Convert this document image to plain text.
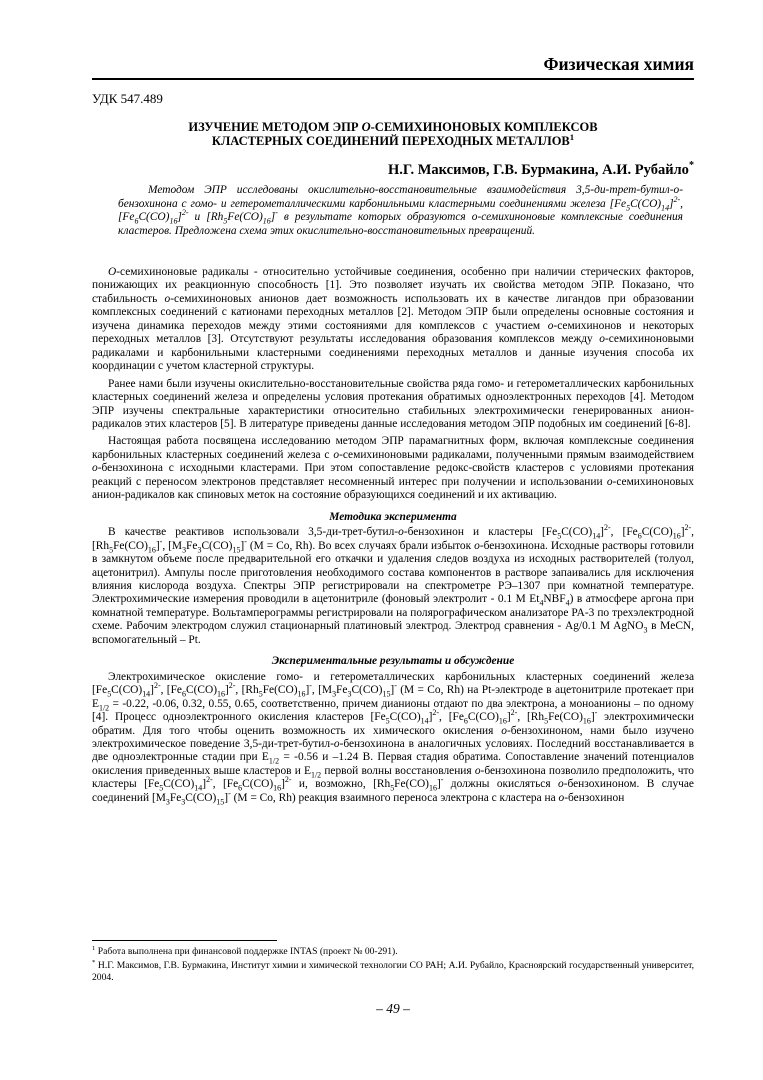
Физическая химия
УДК 547.489
ИЗУЧЕНИЕ МЕТОДОМ ЭПР О-СЕМИХИНОНОВЫХ КОМПЛЕКСОВ
КЛАСТЕРНЫХ СОЕДИНЕНИЙ ПЕРЕХОДНЫХ МЕТАЛЛОВ$^1$
Н.Г. Максимов, Г.В. Бурмакина, А.И. Рубайло*

Методом ЭПР исследованы окислительно-восстановительные взаимодействия 3,5-ди-трет-бутил-о-бензохинона с гомо- и гетерометаллическими карбонильными кластерными соединениями железа $[Fe_5C(CO)_{14}]^{2-}$, $[Fe_6C(CO)_{16}]^{2-}$ и $[Rh_5Fe(CO)_{16}]^-$ в результате которых образуются о-семихиноновые комплексные соединения кластеров. Предложена схема этих окислительно-восстановительных превращений.

О-семихиноновые радикалы - относительно устойчивые соединения, особенно при наличии стерических факторов, понижающих их реакционную способность [1]. Это позволяет изучать их свойства методом ЭПР. Показано, что стабильность о-семихиноновых анионов дает возможность использовать их в качестве лигандов при образовании комплексных соединений с катионами переходных металлов [2]. Методом ЭПР были определены основные состояния и изучена динамика переходов между этими состояниями для комплексов с участием о-семихинонов и некоторых переходных металлов [3]. Отсутствуют результаты исследования образования комплексов между о-семихиноновыми радикалами и карбонильными кластерными соединениями переходных металлов и данные изучения способа их координации с учетом кластерной структуры.

Ранее нами были изучены окислительно-восстановительные свойства ряда гомо- и гетерометаллических карбонильных кластерных соединений железа и определены условия протекания обратимых одноэлектронных переходов [4]. Методом ЭПР изучены спектральные характеристики относительно стабильных электрохимически генерированных анион-радикалов этих кластеров [5]. В литературе приведены данные исследования методом ЭПР подобных им соединений [6-8].

Настоящая работа посвящена исследованию методом ЭПР парамагнитных форм, включая комплексные соединения карбонильных кластерных соединений железа с о-семихиноновыми радикалами, полученными прямым взаимодействием о-бензохинона с исходными кластерами. При этом сопоставление редокс-свойств кластеров с условиями протекания реакций с переносом электронов представляет несомненный интерес при получении и использовании о-семихиноновых анион-радикалов как спиновых меток на состояние образующихся соединений и их активацию.

Методика эксперимента

В качестве реактивов использовали 3,5-ди-трет-бутил-о-бензохинон и кластеры $[Fe_5C(CO)_{14}]^{2-}$, $[Fe_6C(CO)_{16}]^{2-}$, $[Rh_5Fe(CO)_{16}]^-$, $[M_3Fe_3C(CO)_{15}]^-$ (M = Co, Rh). Во всех случаях брали избыток о-бензохинона. Исходные растворы готовили в замкнутом объеме после предварительной его откачки и удаления следов воздуха из исходных растворителей (толуол, ацетонитрил). Ампулы после приготовления необходимого состава компонентов в растворе запаивались для исключения влияния кислорода воздуха. Спектры ЭПР регистрировали на спектрометре РЭ–1307 при комнатной температуре. Электрохимические измерения проводили в ацетонитриле (фоновый электролит - 0.1 M $Et_4NBF_4$) в атмосфере аргона при комнатной температуре. Вольтамперограммы регистрировали на полярографическом анализаторе PA-3 по трехэлектродной схеме. Рабочим электродом служил стационарный платиновый электрод. Электрод сравнения - Ag/0.1 M AgNO$_3$ в MeCN, вспомогательный – Pt.

Экспериментальные результаты и обсуждение

Электрохимическое окисление гомо- и гетерометаллических карбонильных кластерных соединений железа $[Fe_5C(CO)_{14}]^{2-}$, $[Fe_6C(CO)_{16}]^{2-}$, $[Rh_5Fe(CO)_{16}]^-$, $[M_3Fe_3C(CO)_{15}]^-$ (M = Co, Rh) на Pt-электроде в ацетонитриле протекает при $E_{1/2} = -0.22$, -0.06, 0.32, 0.55, 0.65, соответственно, причем дианионы отдают по два электрона, а моноанионы – по одному [4]. Процесс одноэлектронного окисления кластеров $[Fe_5C(CO)_{14}]^{2-}$, $[Fe_6C(CO)_{16}]^{2-}$, $[Rh_5Fe(CO)_{16}]^-$ электрохимически обратим. Для того чтобы оценить возможность их химического окисления о-бензохиноном, нами было изучено электрохимическое поведение 3,5-ди-трет-бутил-о-бензохинона в аналогичных условиях. Последний восстанавливается в две одноэлектронные стадии при $E_{1/2} = -0.56$ и –1.24 В. Первая стадия обратима. Сопоставление значений потенциалов окисления приведенных выше кластеров и $E_{1/2}$ первой волны восстановления о-бензохинона позволило предположить, что кластеры $[Fe_5C(CO)_{14}]^{2-}$, $[Fe_6C(CO)_{16}]^{2-}$ и, возможно, $[Rh_5Fe(CO)_{16}]^-$ должны окисляться о-бензохиноном. В случае соединений $[M_3Fe_3C(CO)_{15}]^-$ (M = Co, Rh) реакция взаимного переноса электрона с кластера на о-бензохинон

$^1$ Работа выполнена при финансовой поддержке INTAS (проект № 00-291).

* Н.Г. Максимов, Г.В. Бурмакина, Институт химии и химической технологии СО РАН; А.И. Рубайло, Красноярский государственный университет, 2004.

– 49 –
